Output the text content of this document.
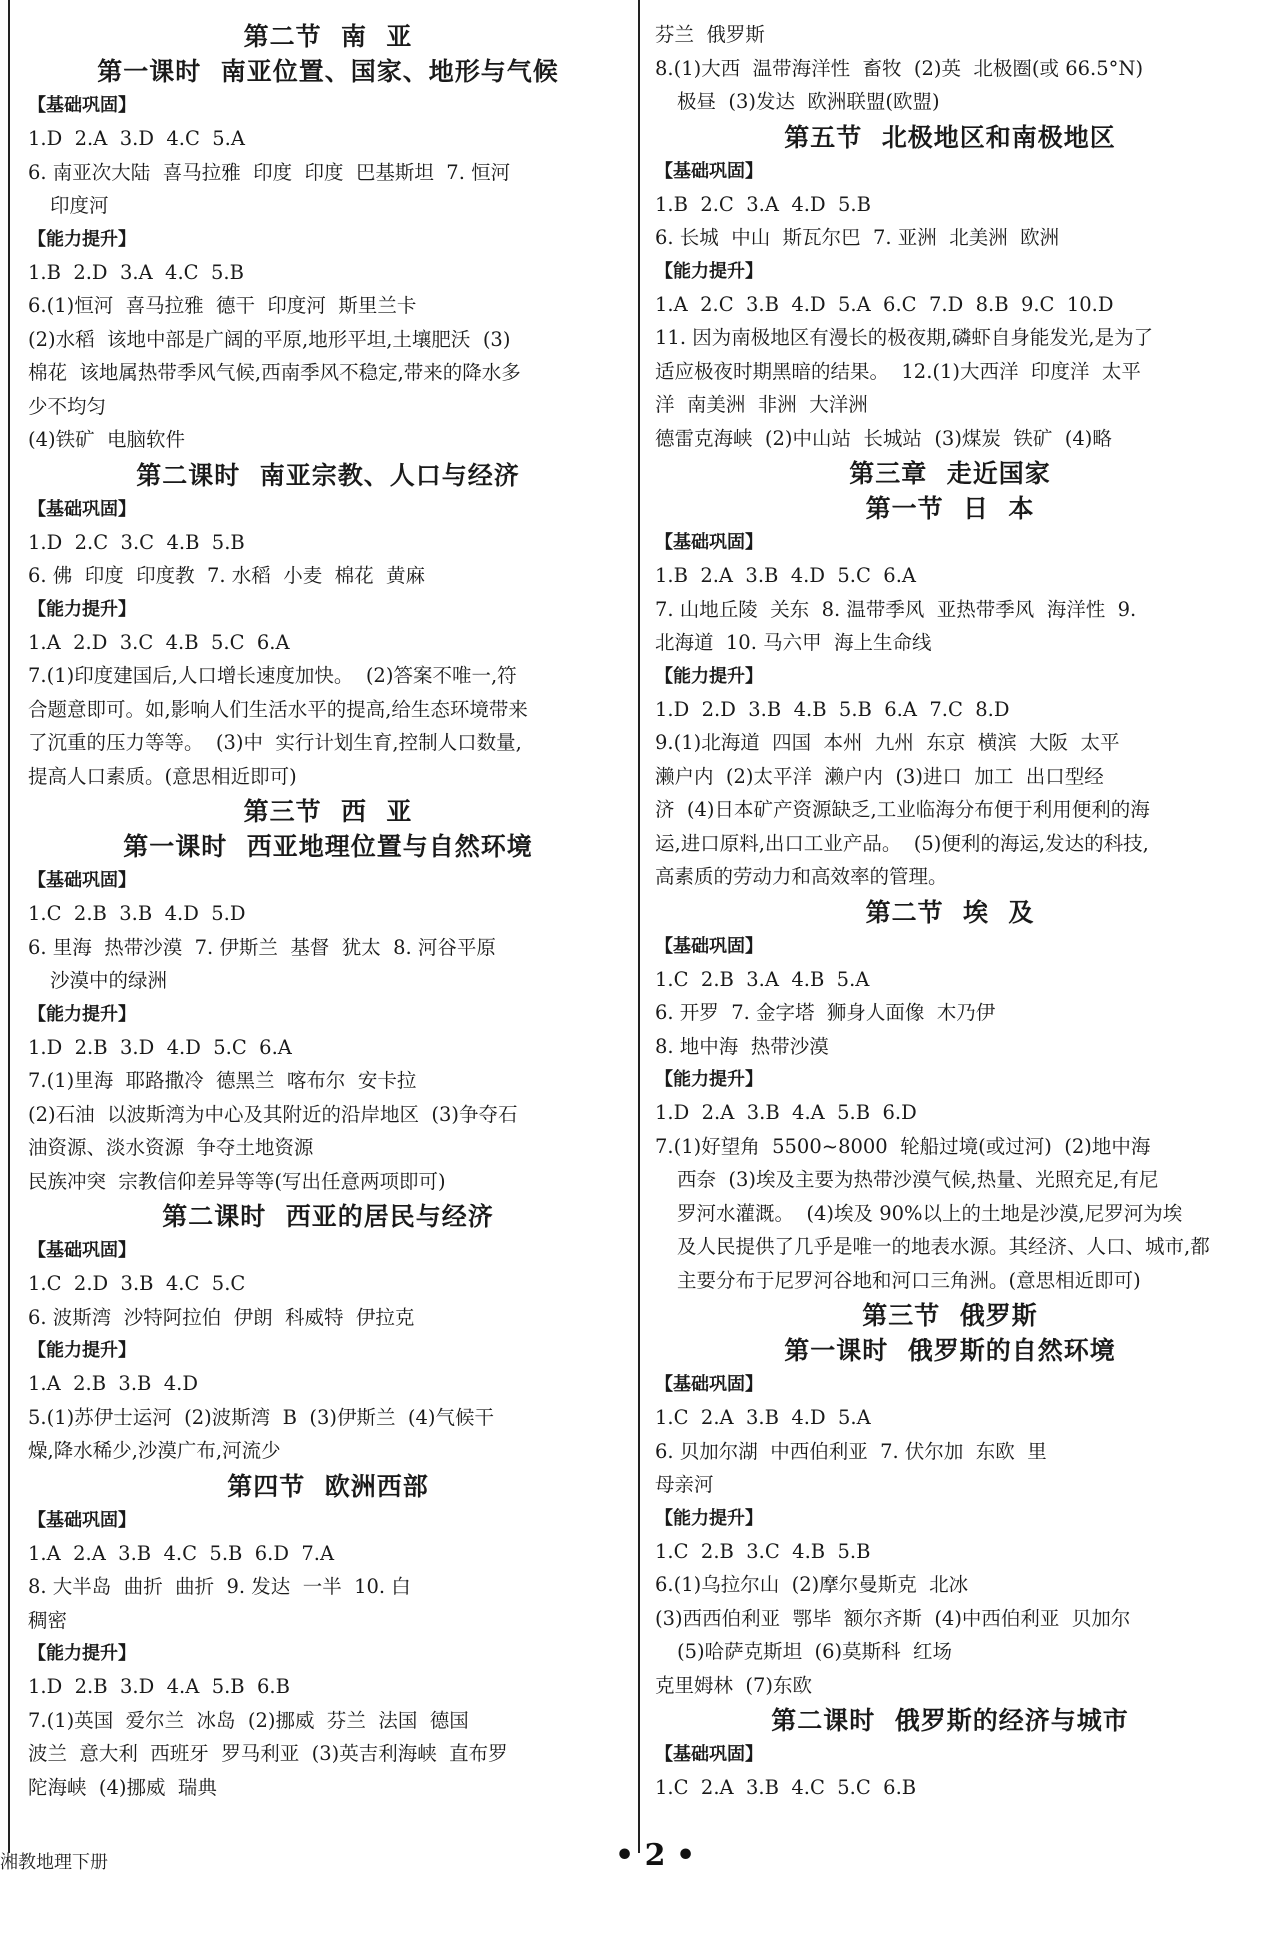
第二节  南  亚
第一课时  南亚位置、国家、地形与气候
【基础巩固】
1.D  2.A  3.D  4.C  5.A
6. 南亚次大陆  喜马拉雅  印度  印度  巴基斯坦  7. 恒河
印度河
【能力提升】
1.B  2.D  3.A  4.C  5.B
6.(1)恒河  喜马拉雅  德干  印度河  斯里兰卡
(2)水稻  该地中部是广阔的平原,地形平坦,土壤肥沃  (3)
棉花  该地属热带季风气候,西南季风不稳定,带来的降水多
少不均匀
(4)铁矿  电脑软件
第二课时  南亚宗教、人口与经济
【基础巩固】
1.D  2.C  3.C  4.B  5.B
6. 佛  印度  印度教  7. 水稻  小麦  棉花  黄麻
【能力提升】
1.A  2.D  3.C  4.B  5.C  6.A
7.(1)印度建国后,人口增长速度加快。  (2)答案不唯一,符
合题意即可。如,影响人们生活水平的提高,给生态环境带来
了沉重的压力等等。  (3)中  实行计划生育,控制人口数量,
提高人口素质。(意思相近即可)
第三节  西  亚
第一课时  西亚地理位置与自然环境
【基础巩固】
1.C  2.B  3.B  4.D  5.D
6. 里海  热带沙漠  7. 伊斯兰  基督  犹太  8. 河谷平原
沙漠中的绿洲
【能力提升】
1.D  2.B  3.D  4.D  5.C  6.A
7.(1)里海  耶路撒冷  德黑兰  喀布尔  安卡拉
(2)石油  以波斯湾为中心及其附近的沿岸地区  (3)争夺石
油资源、淡水资源  争夺土地资源
民族冲突  宗教信仰差异等等(写出任意两项即可)
第二课时  西亚的居民与经济
【基础巩固】
1.C  2.D  3.B  4.C  5.C
6. 波斯湾  沙特阿拉伯  伊朗  科威特  伊拉克
【能力提升】
1.A  2.B  3.B  4.D
5.(1)苏伊士运河  (2)波斯湾  B  (3)伊斯兰  (4)气候干
燥,降水稀少,沙漠广布,河流少
第四节  欧洲西部
【基础巩固】
1.A  2.A  3.B  4.C  5.B  6.D  7.A
8. 大半岛  曲折  曲折  9. 发达  一半  10. 白
稠密
【能力提升】
1.D  2.B  3.D  4.A  5.B  6.B
7.(1)英国  爱尔兰  冰岛  (2)挪威  芬兰  法国  德国
波兰  意大利  西班牙  罗马利亚  (3)英吉利海峡  直布罗
陀海峡  (4)挪威  瑞典
芬兰  俄罗斯
8.(1)大西  温带海洋性  畜牧  (2)英  北极圈(或 66.5°N)
极昼  (3)发达  欧洲联盟(欧盟)
第五节  北极地区和南极地区
【基础巩固】
1.B  2.C  3.A  4.D  5.B
6. 长城  中山  斯瓦尔巴  7. 亚洲  北美洲  欧洲
【能力提升】
1.A  2.C  3.B  4.D  5.A  6.C  7.D  8.B  9.C  10.D
11. 因为南极地区有漫长的极夜期,磷虾自身能发光,是为了
适应极夜时期黑暗的结果。  12.(1)大西洋  印度洋  太平
洋  南美洲  非洲  大洋洲
德雷克海峡  (2)中山站  长城站  (3)煤炭  铁矿  (4)略
第三章  走近国家
第一节  日  本
【基础巩固】
1.B  2.A  3.B  4.D  5.C  6.A
7. 山地丘陵  关东  8. 温带季风  亚热带季风  海洋性  9.
北海道  10. 马六甲  海上生命线
【能力提升】
1.D  2.D  3.B  4.B  5.B  6.A  7.C  8.D
9.(1)北海道  四国  本州  九州  东京  横滨  大阪  太平
濑户内  (2)太平洋  濑户内  (3)进口  加工  出口型经
济  (4)日本矿产资源缺乏,工业临海分布便于利用便利的海
运,进口原料,出口工业产品。  (5)便利的海运,发达的科技,
高素质的劳动力和高效率的管理。
第二节  埃  及
【基础巩固】
1.C  2.B  3.A  4.B  5.A
6. 开罗  7. 金字塔  狮身人面像  木乃伊
8. 地中海  热带沙漠
【能力提升】
1.D  2.A  3.B  4.A  5.B  6.D
7.(1)好望角  5500~8000  轮船过境(或过河)  (2)地中海
西奈  (3)埃及主要为热带沙漠气候,热量、光照充足,有尼
罗河水灌溉。  (4)埃及 90%以上的土地是沙漠,尼罗河为埃
及人民提供了几乎是唯一的地表水源。其经济、人口、城市,都
主要分布于尼罗河谷地和河口三角洲。(意思相近即可)
第三节  俄罗斯
第一课时  俄罗斯的自然环境
【基础巩固】
1.C  2.A  3.B  4.D  5.A
6. 贝加尔湖  中西伯利亚  7. 伏尔加  东欧  里
母亲河
【能力提升】
1.C  2.B  3.C  4.B  5.B
6.(1)乌拉尔山  (2)摩尔曼斯克  北冰
(3)西西伯利亚  鄂毕  额尔齐斯  (4)中西伯利亚  贝加尔
(5)哈萨克斯坦  (6)莫斯科  红场
克里姆林  (7)东欧
第二课时  俄罗斯的经济与城市
【基础巩固】
1.C  2.A  3.B  4.C  5.C  6.B
湘教地理下册	• 2 •
